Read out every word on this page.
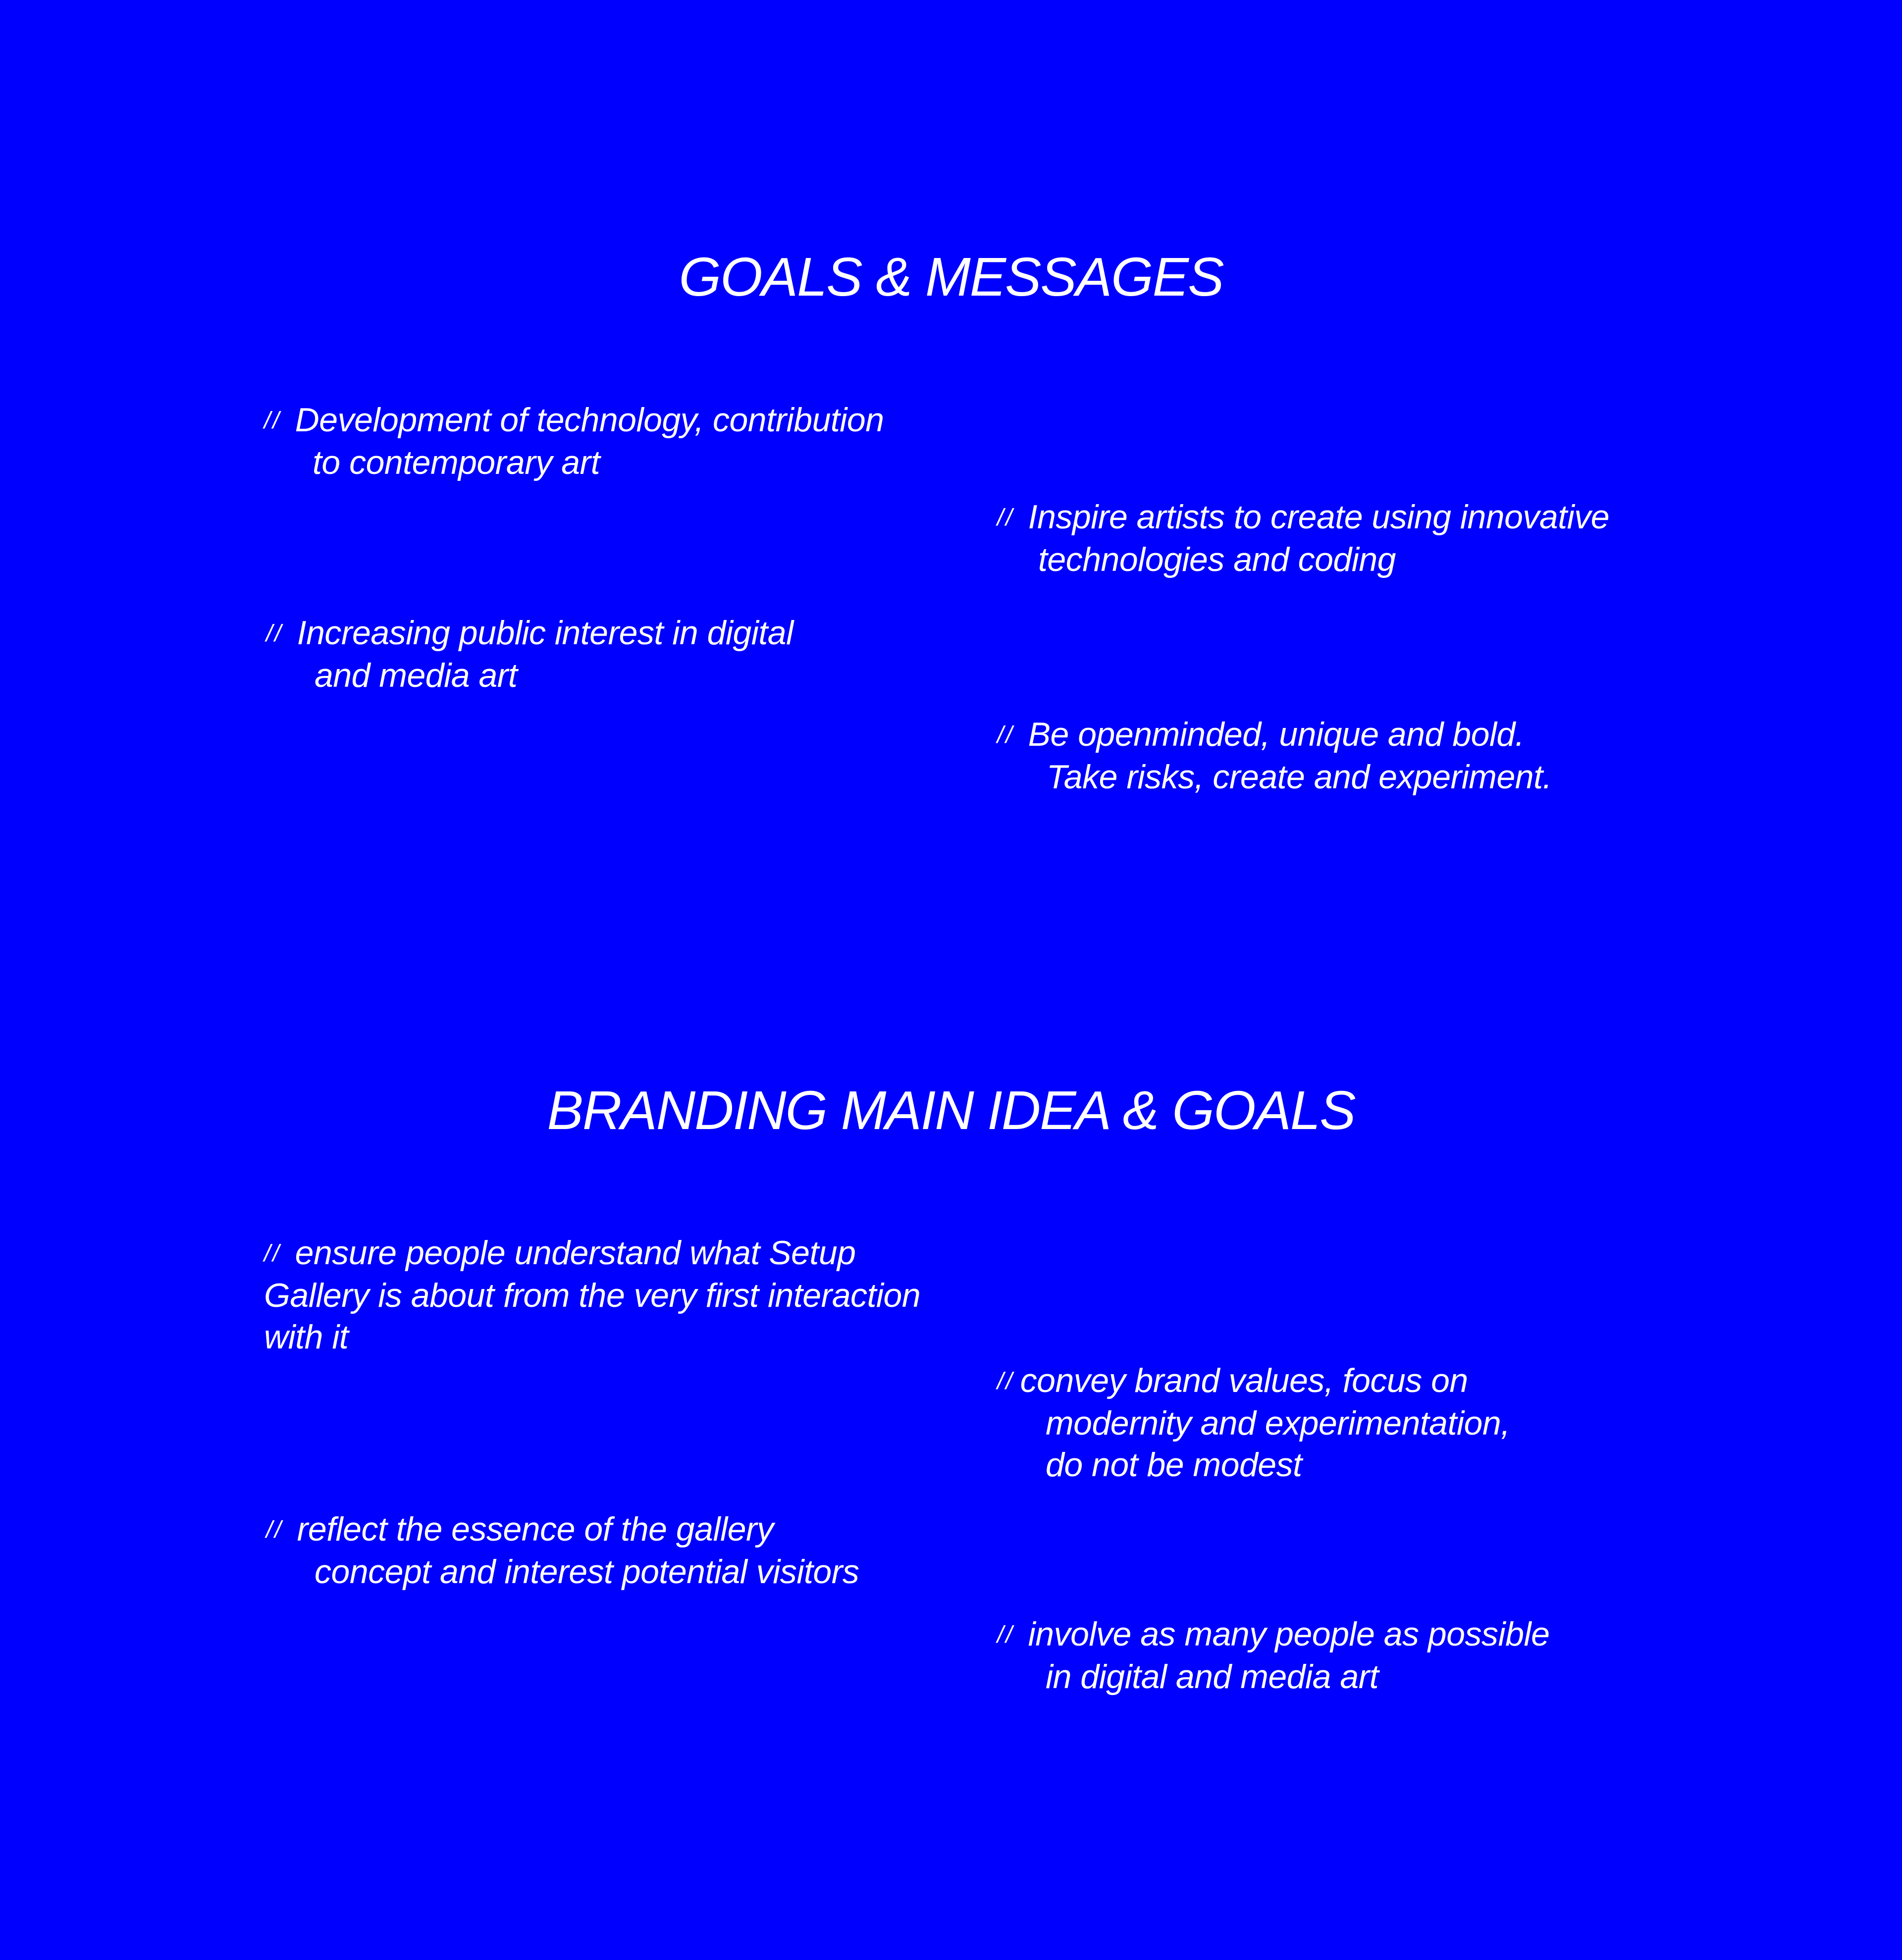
GOALS & MESSAGES
// Development of technology, contribution
to contemporary art
// Inspire artists to create using innovative
technologies and coding
// Increasing public interest in digital
and media art
// Be openminded, unique and bold.
Take risks, create and experiment.
BRANDING MAIN IDEA & GOALS
// ensure people understand what Setup
Gallery is about from the very first interaction
with it
// convey brand values, focus on
modernity and experimentation,
do not be modest
// reflect the essence of the gallery
concept and interest potential visitors
// involve as many people as possible
in digital and media art
